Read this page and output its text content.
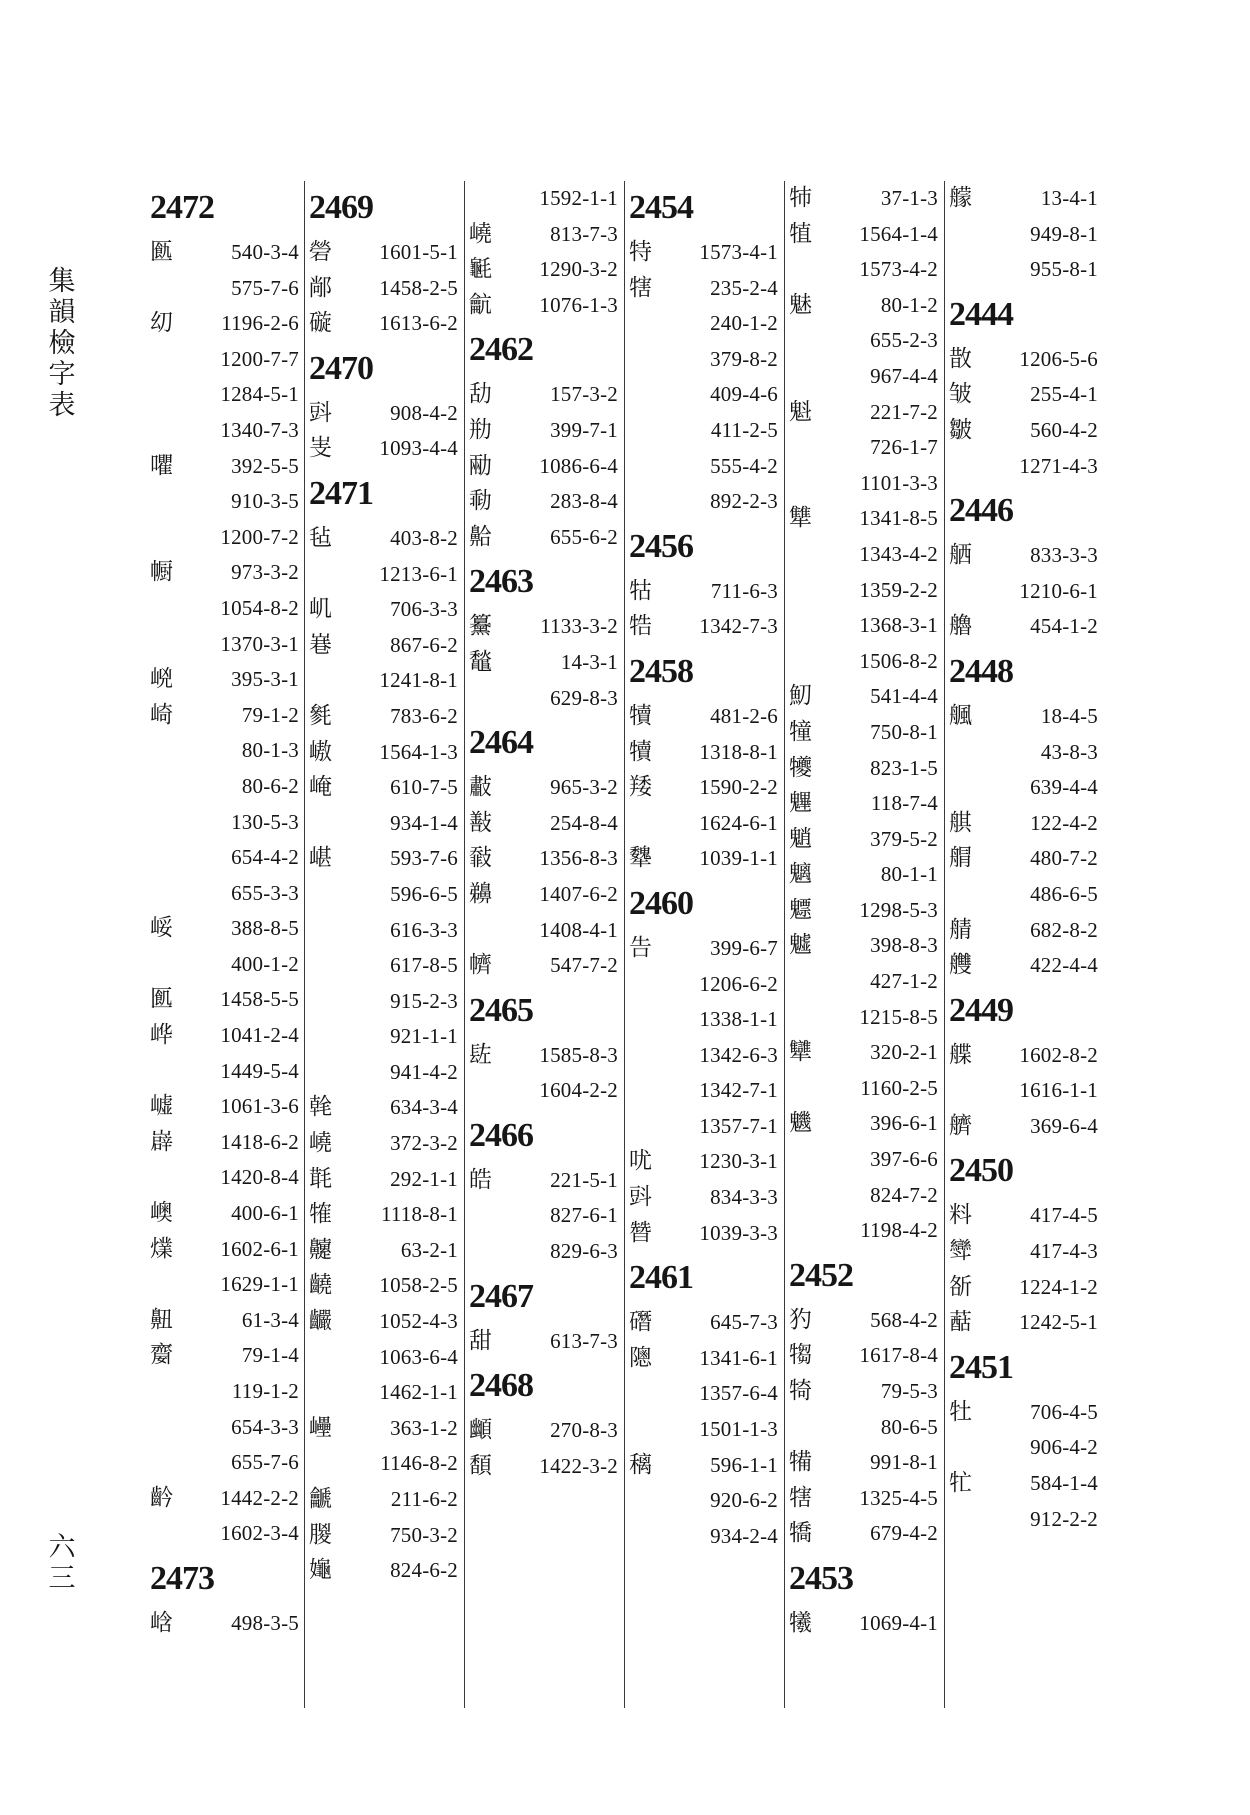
集
韻
檢
字
表
六
三
2472
㔲	540-3-4
575-7-6
㓜 1196-2-6
1200-7-7
1284-5-1
1340-7-3
㘗	392-5-5
910-3-5
1200-7-2
㡡	973-3-2
1054-8-2
1370-3-1
㟅	395-3-1
崎	79-1-2
80-1-3
80-6-2
130-5-3
654-4-2
655-3-3
㟎	388-8-5
400-1-2
㔳 1458-5-5
㟆 1041-2-4
1449-5-4
㠊 1061-3-6
㠔 1418-6-2
1420-8-4
㠗	400-6-1
㸁 1602-6-1
1629-1-1
䶊	61-3-4
䶒	79-1-4
119-1-2
654-3-3
655-7-6
䶖 1442-2-2
1602-3-4
2473
㟏	498-3-5
2469
䃕 1601-5-1
䣊 1458-2-5
䃠 1613-6-2
2470
㪷	908-4-2
㞿 1093-4-4
2471
毡	403-8-2
1213-6-1
㞦	706-3-3
㟟	867-6-2
1241-8-1
毿	783-6-2
㠂 1564-1-3
崦	610-7-5
934-1-4
嵁	593-7-6
596-6-5
616-3-3
617-8-5
915-2-3
921-1-1
941-4-2
㲦	634-3-4
嶢	372-3-2
㲨	292-1-1
㹊 1118-8-1
䶑	63-2-1
䶧 1058-2-5
䶫 1052-4-3
1063-6-4
1462-1-1
㠥	363-1-2
1146-8-2
䶵	211-6-2
䶽	750-3-2
䶯	824-6-2
1592-1-1
嶢	813-7-3
䶰 1290-3-2
䶳 1076-1-3
2462
㔚	157-3-2
㔙	399-7-1
㔝 1086-6-4
㔞	283-8-4
䶎	655-6-2
2463
䵵 1133-3-2
䵸	14-3-1
629-8-3
2464
㪩	965-3-2
㪨	254-8-4
㪪 1356-8-3
䶏 1407-6-2
1408-4-1
䶓	547-7-2
2465
䦈 1585-8-3
1604-2-2
2466
皓	221-5-1
827-6-1
829-6-3
2467
甜	613-7-3
2468
䫜	270-8-3
䫝 1422-3-2
2454
特 1573-4-1
犗	235-2-4
240-1-2
379-8-2
409-4-6
411-2-5
555-4-2
892-2-3
2456
牯	711-6-3
牿 1342-7-3
2458
犢	481-2-6
犢 1318-8-1
䍴 1590-2-2
1624-6-1
犩 1039-1-1
2460
告	399-6-7
1206-6-2
1338-1-1
1342-6-3
1342-7-1
1357-7-1
㕱 1230-3-1
㪷	834-3-3
㬱 1039-3-3
2461
䃡	645-7-3
䧭 1341-6-1
1357-6-4
1501-1-3
䅻	596-1-1
920-6-2
934-2-4
㸬	37-1-3
犆 1564-1-4
1573-4-2
魅	80-1-2
655-2-3
967-4-4
魁	221-7-2
726-1-7
1101-3-3
犨 1341-8-5
1343-4-2
1359-2-2
1368-3-1
1506-8-2
魛	541-4-4
犝	750-8-1
犪	823-1-5
魓	118-7-4
魈	379-5-2
魑	80-1-1
魒 1298-5-3
魖	398-8-3
427-1-2
1215-8-5
犫	320-2-1
1160-2-5
魕	396-6-1
397-6-6
824-7-2
1198-4-2
2452
犳	568-4-2
犓 1617-8-4
犄	79-5-3
80-6-5
犕	991-8-1
犗 1325-4-5
犞	679-4-2
2453
犧 1069-4-1
艨	13-4-1
949-8-1
955-8-1
2444
㪚 1206-5-6
皱	255-4-1
皺	560-4-2
1271-4-3
2446
舾	833-3-3
1210-6-1
艪	454-1-2
2448
䑺	18-4-5
43-8-3
639-4-4
䑴	122-4-2
䑵	480-7-2
486-6-5
䑶	682-8-2
艭	422-4-4
2449
艓 1602-8-2
1616-1-1
艩	369-6-4
2450
料	417-4-5
㪻	417-4-3
㪾 1224-1-2
䔯 1242-5-1
2451
牡	706-4-5
906-4-2
牤	584-1-4
912-2-2
